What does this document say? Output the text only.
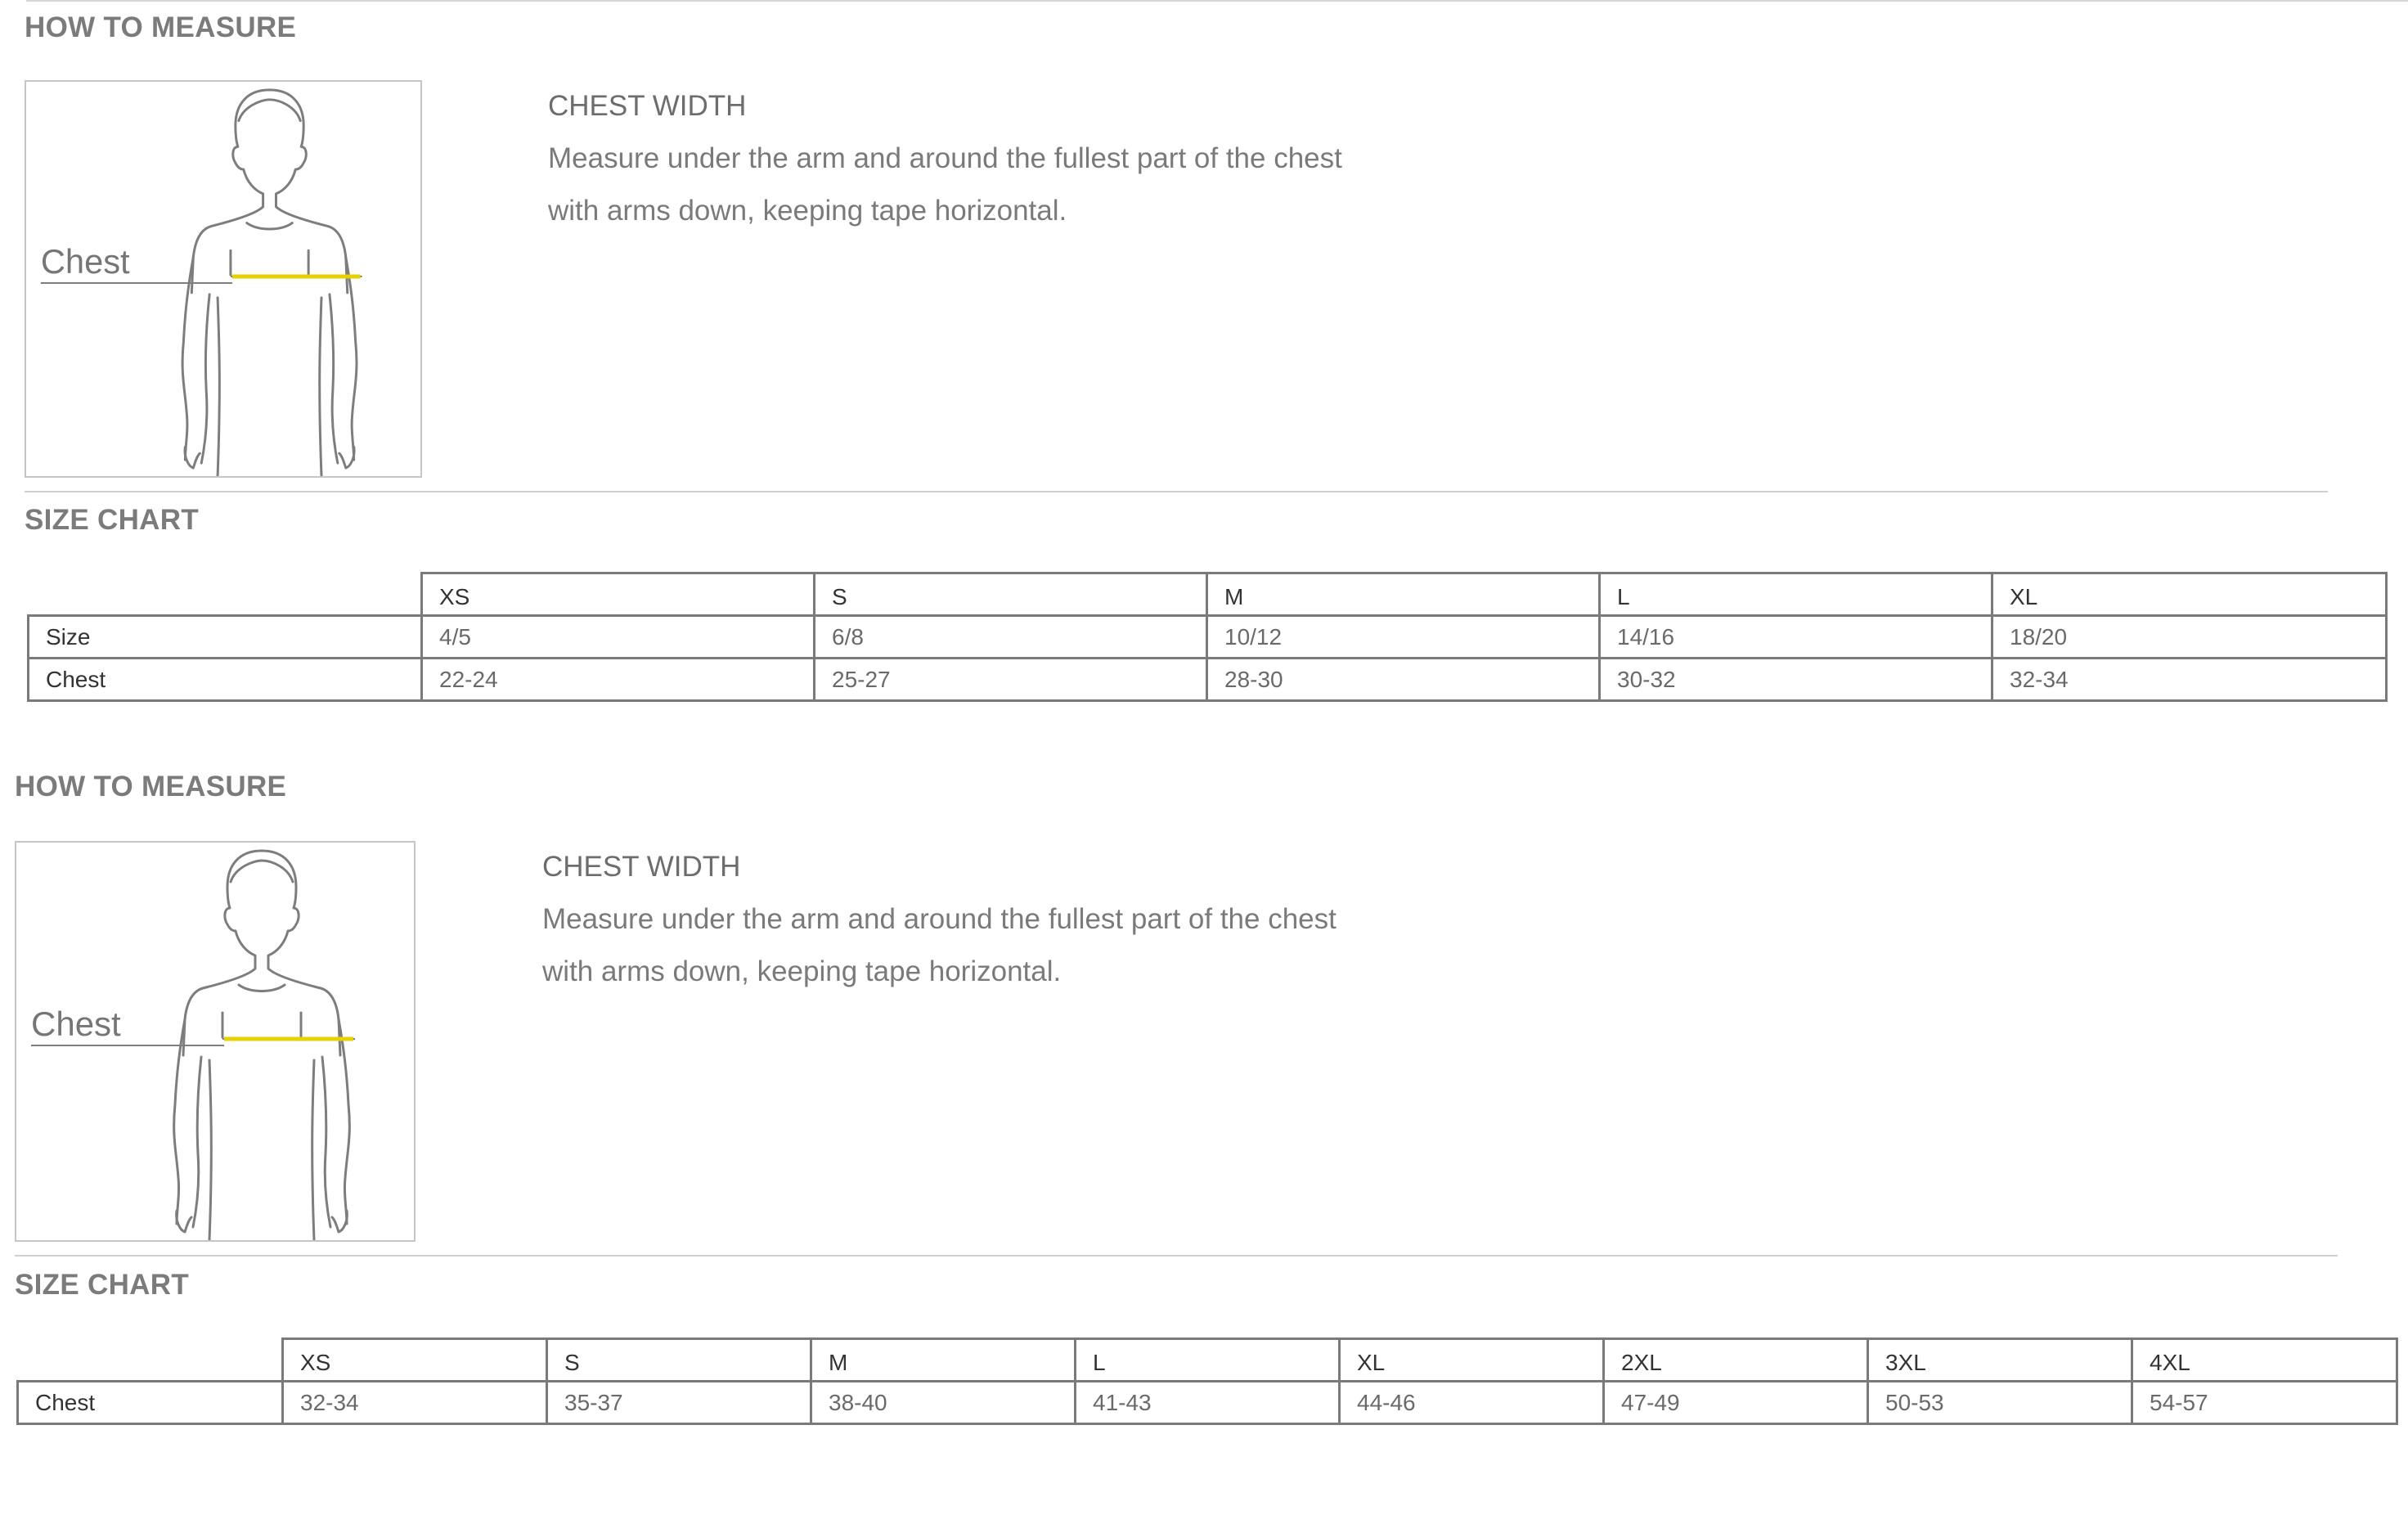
HOW TO MEASURE
Chest
CHEST WIDTH
Measure under the arm and around the fullest part of the chest
with arms down, keeping tape horizontal.
SIZE CHART
	XS	S	M	L	XL
Size	4/5	6/8	10/12	14/16	18/20
Chest	22-24	25-27	28-30	30-32	32-34
HOW TO MEASURE
Chest
CHEST WIDTH
Measure under the arm and around the fullest part of the chest
with arms down, keeping tape horizontal.
SIZE CHART
	XS	S	M	L	XL	2XL	3XL	4XL
Chest	32-34	35-37	38-40	41-43	44-46	47-49	50-53	54-57
